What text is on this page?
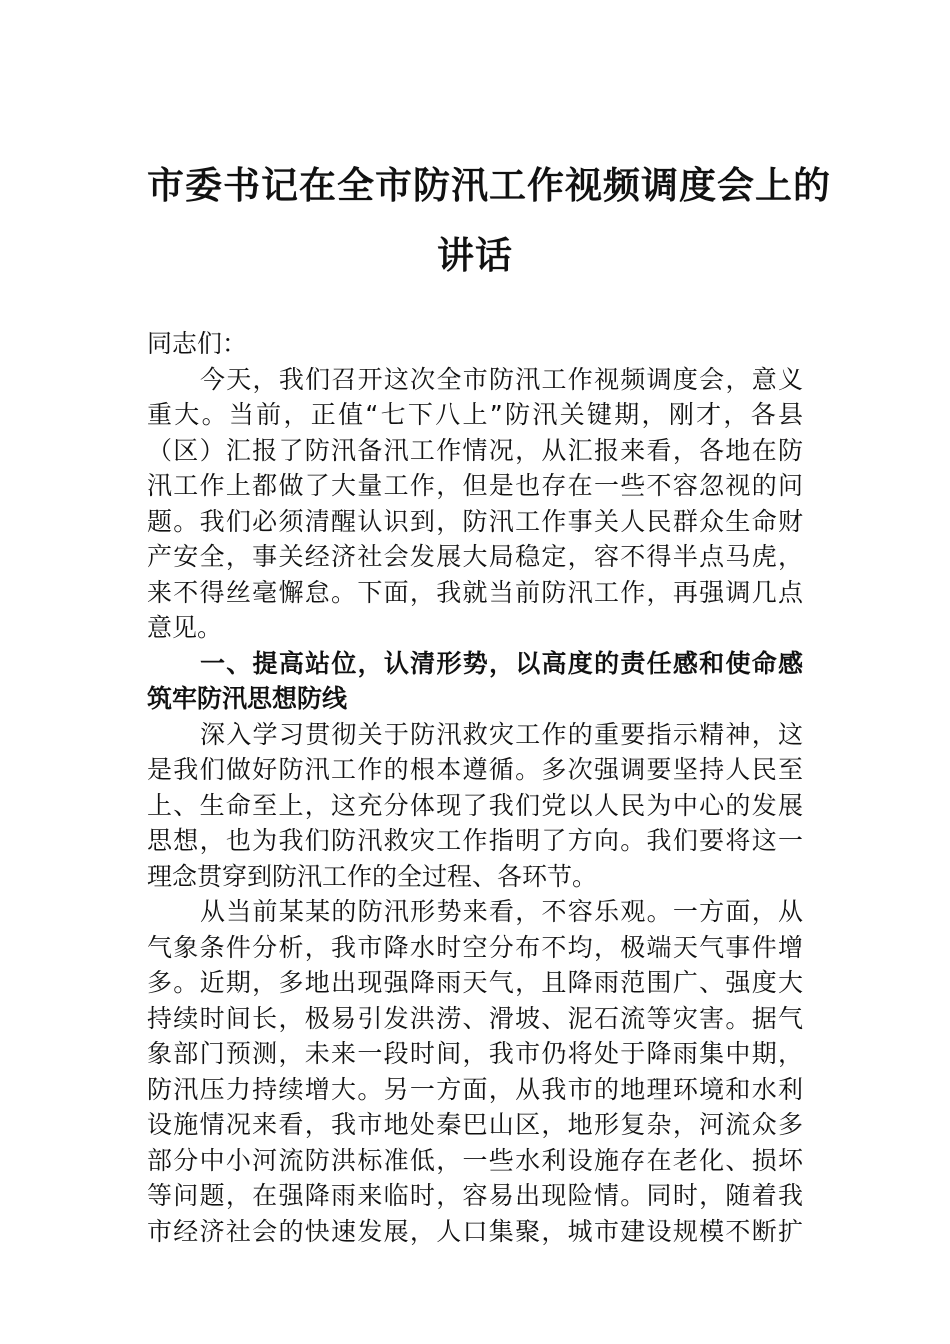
市委书记在全市防汛工作视频调度会上的
讲话
同志们：
今天，我们召开这次全市防汛工作视频调度会，意义
重大。当前，正值“七下八上”防汛关键期，刚才，各县
（区）汇报了防汛备汛工作情况，从汇报来看，各地在防
汛工作上都做了大量工作，但是也存在一些不容忽视的问
题。我们必须清醒认识到，防汛工作事关人民群众生命财
产安全，事关经济社会发展大局稳定，容不得半点马虎，
来不得丝毫懈怠。下面，我就当前防汛工作，再强调几点
意见。
一、提高站位，认清形势，以高度的责任感和使命感
筑牢防汛思想防线
深入学习贯彻关于防汛救灾工作的重要指示精神，这
是我们做好防汛工作的根本遵循。多次强调要坚持人民至
上、生命至上，这充分体现了我们党以人民为中心的发展
思想，也为我们防汛救灾工作指明了方向。我们要将这一
理念贯穿到防汛工作的全过程、各环节。
从当前某某的防汛形势来看，不容乐观。一方面，从
气象条件分析，我市降水时空分布不均，极端天气事件增
多。近期，多地出现强降雨天气，且降雨范围广、强度大
持续时间长，极易引发洪涝、滑坡、泥石流等灾害。据气
象部门预测，未来一段时间，我市仍将处于降雨集中期，
防汛压力持续增大。另一方面，从我市的地理环境和水利
设施情况来看，我市地处秦巴山区，地形复杂，河流众多
部分中小河流防洪标准低，一些水利设施存在老化、损坏
等问题，在强降雨来临时，容易出现险情。同时，随着我
市经济社会的快速发展，人口集聚，城市建设规模不断扩
